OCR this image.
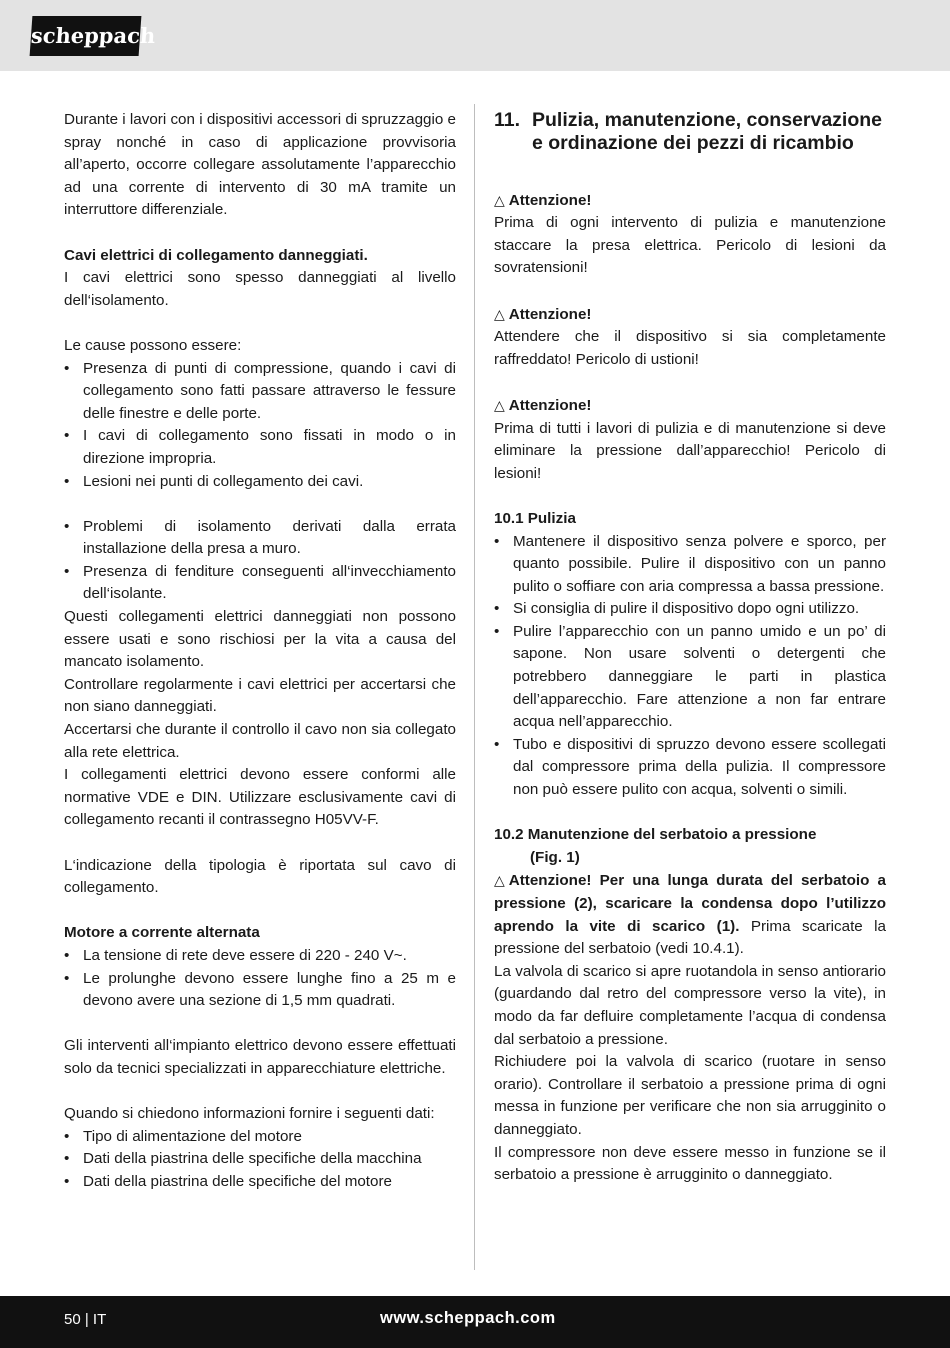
scheppach

Durante i lavori con i dispositivi accessori di spruzzaggio e spray nonché in caso di applicazione provvisoria all’aperto, occorre collegare assolutamente l’apparecchio ad una corrente di intervento di 30 mA tramite un interruttore differenziale.

Cavi elettrici di collegamento danneggiati.

I cavi elettrici sono spesso danneggiati al livello dell‘isolamento.

Le cause possono essere:

• Presenza di punti di compressione, quando i cavi di collegamento sono fatti passare attraverso le fessure delle finestre e delle porte.
• I cavi di collegamento sono fissati in modo o in direzione impropria.
• Lesioni nei punti di collegamento dei cavi.
• Problemi di isolamento derivati dalla errata installazione della presa a muro.
• Presenza di fenditure conseguenti all‘invecchiamento dell‘isolante.

Questi collegamenti elettrici danneggiati non possono essere usati e sono rischiosi per la vita a causa del mancato isolamento.

Controllare regolarmente i cavi elettrici per accertarsi che non siano danneggiati.

Accertarsi che durante il controllo il cavo non sia collegato alla rete elettrica.

I collegamenti elettrici devono essere conformi alle normative VDE e DIN. Utilizzare esclusivamente cavi di collegamento recanti il contrassegno H05VV-F.

L‘indicazione della tipologia è riportata sul cavo di collegamento.

Motore a corrente alternata

• La tensione di rete deve essere di 220 - 240 V~.
• Le prolunghe devono essere lunghe fino a 25 m e devono avere una sezione di 1,5 mm quadrati.

Gli interventi all‘impianto elettrico devono essere effettuati solo da tecnici specializzati in apparecchiature elettriche.

Quando si chiedono informazioni fornire i seguenti dati:

• Tipo di alimentazione del motore
• Dati della piastrina delle specifiche della macchina
• Dati della piastrina delle specifiche del motore
11. Pulizia, manutenzione, conservazione e ordinazione dei pezzi di ricambio

△ Attenzione!

Prima di ogni intervento di pulizia e manutenzione staccare la presa elettrica. Pericolo di lesioni da sovratensioni!

△ Attenzione!

Attendere che il dispositivo si sia completamente raffreddato! Pericolo di ustioni!

△ Attenzione!

Prima di tutti i lavori di pulizia e di manutenzione si deve eliminare la pressione dall’apparecchio! Pericolo di lesioni!

10.1 Pulizia

• Mantenere il dispositivo senza polvere e sporco, per quanto possibile. Pulire il dispositivo con un panno pulito o soffiare con aria compressa a bassa pressione.
• Si consiglia di pulire il dispositivo dopo ogni utilizzo.
• Pulire l’apparecchio con un panno umido e un po’ di sapone. Non usare solventi o detergenti che potrebbero danneggiare le parti in plastica dell’apparecchio. Fare attenzione a non far entrare acqua nell’apparecchio.
• Tubo e dispositivi di spruzzo devono essere scollegati dal compressore prima della pulizia. Il compressore non può essere pulito con acqua, solventi o simili.

10.2 Manutenzione del serbatoio a pressione

(Fig. 1)

△ Attenzione! Per una lunga durata del serbatoio a pressione (2), scaricare la condensa dopo l’utilizzo aprendo la vite di scarico (1). Prima scaricate la pressione del serbatoio (vedi 10.4.1).

La valvola di scarico si apre ruotandola in senso antiorario (guardando dal retro del compressore verso la vite), in modo da far defluire completamente l’acqua di condensa dal serbatoio a pressione.

Richiudere poi la valvola di scarico (ruotare in senso orario). Controllare il serbatoio a pressione prima di ogni messa in funzione per verificare che non sia arrugginito o danneggiato.

Il compressore non deve essere messo in funzione se il serbatoio a pressione è arrugginito o danneggiato.

50 | IT	www.scheppach.com
